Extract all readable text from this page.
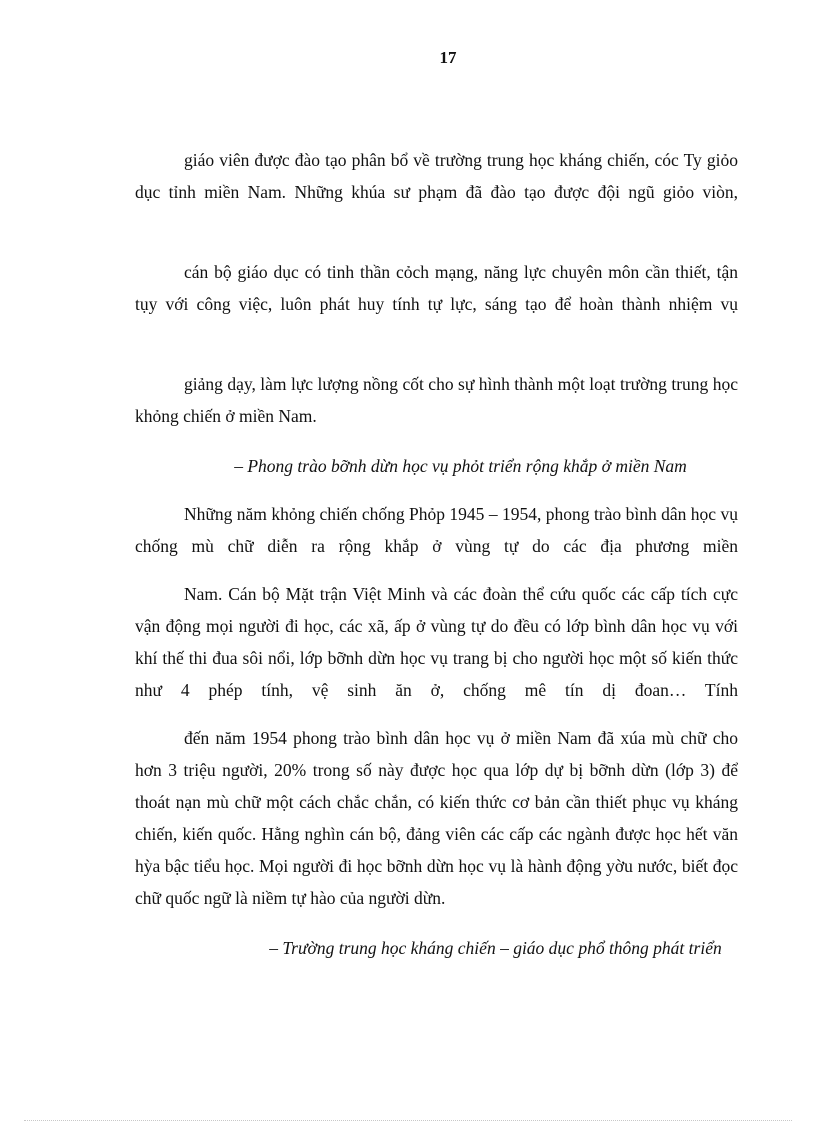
17

giáo viên được đào tạo phân bổ về trường trung học kháng chiến, cóc Ty giỏo dục tỉnh miền Nam. Những khúa sư phạm đã đào tạo được đội ngũ giỏo viòn,

cán bộ giáo dục có tinh thần cỏch mạng, năng lực chuyên môn cần thiết, tận tụy với công việc, luôn phát huy tính tự lực, sáng tạo để hoàn thành nhiệm vụ

giảng dạy, làm lực lượng nồng cốt cho sự hình thành một loạt trường trung học khỏng chiến ở miền Nam.

– Phong trào bỡnh dừn học vụ phỏt triển rộng khắp ở miền Nam

Những năm khỏng chiến chống Phỏp 1945 – 1954, phong trào bình dân học vụ chống mù chữ diễn ra rộng khắp ở vùng tự do các địa phương miền

Nam. Cán bộ Mặt trận Việt Minh và các đoàn thể cứu quốc các cấp tích cực vận động mọi người đi học, các xã, ấp ở vùng tự do đều có lớp bình dân học vụ với khí thế thi đua sôi nổi, lớp bỡnh dừn học vụ trang bị cho người học một số kiến thức như 4 phép tính, vệ sinh ăn ở, chống mê tín dị đoan… Tính

đến năm 1954 phong trào bình dân học vụ ở miền Nam đã xúa mù chữ cho hơn 3 triệu người, 20% trong số này được học qua lớp dự bị bỡnh dừn (lớp 3) để thoát nạn mù chữ một cách chắc chắn, có kiến thức cơ bản cần thiết phục vụ kháng chiến, kiến quốc. Hằng nghìn cán bộ, đảng viên các cấp các ngành được học hết văn hỳa bậc tiểu học. Mọi người đi học bỡnh dừn học vụ là hành động yờu nước, biết đọc chữ quốc ngữ là niềm tự hào của người dừn.

– Trường trung học kháng chiến – giáo dục phổ thông phát triển
